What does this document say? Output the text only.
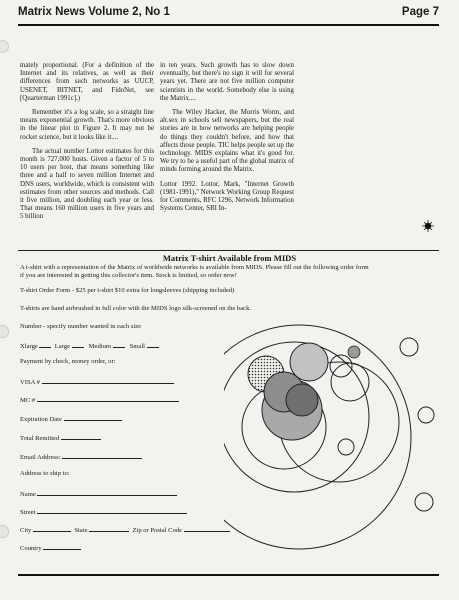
Matrix News Volume 2, No 1	Page 7

mately proportional. (For a definition of the Internet and its relatives, as well as their differences from such networks as UUCP, USENET, BITNET, and FidoNet, see [Quarterman 1991c].)

Remember it's a log scale, so a straight line means exponential growth. That's more obvious in the linear plot in Figure 2. It may not be rocket science, but it looks like it....

The actual number Lottor estimates for this month is 727,000 hosts. Given a factor of 5 to 10 users per host, that means something like three and a half to seven million Internet and DNS users, worldwide, which is consistent with estimates from other sources and methods. Call it five million, and doubling each year or less. That means 160 million users in five years and 5 billion

in ten years. Such growth has to slow down eventually, but there's no sign it will for several years yet. There are not five million computer scientists in the world. Somebody else is using the Matrix....

The Wiley Hacker, the Morris Worm, and alt.sex in schools sell newspapers, but the real stories are in how networks are helping people do things they couldn't before, and how that affects those people. TIC helps people set up the technology. MIDS explains what it's good for. We try to be a useful part of the global matrix of minds forming around the Matrix.

Lottor 1992. Lottor, Mark, "Internet Growth (1981-1991)," Network Working Group Request for Comments, RFC 1296, Network Information Systems Center, SRI In-

Matrix T-shirt Available from MIDS
A t-shirt with a representation of the Matrix of worldwide networks is available from MIDS. Please fill out the following order form
if you are interested in getting this collector's item. Stock is limited, so order now!
T-shirt Order Form - $25 per t-shirt $10 extra for longsleeves (shipping included)
T-shirts are hand airbrushed in full color with the MIDS logo silk-screened on the back.
Number - specify number wanted in each size
Xlarge	Large	Medium	Small
Payment by check, money order, or:
VISA #
MC #
Expiration Date
Total Remitted
Email Address:
Address to ship to:
Name
Street
City	State	Zip or Postal Code
Country
